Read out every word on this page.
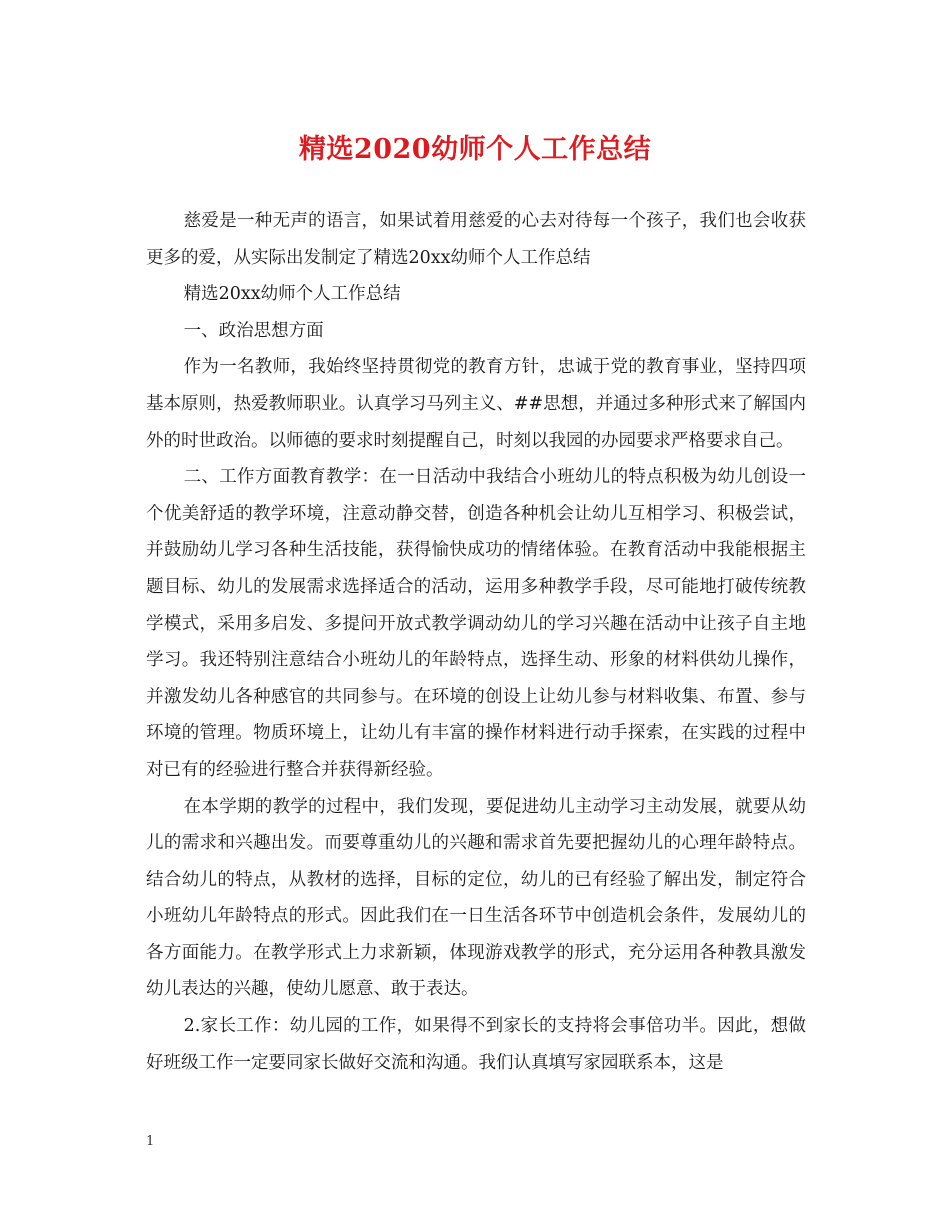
精选2020幼师个人工作总结

慈爱是一种无声的语言，如果试着用慈爱的心去对待每一个孩子，我们也会收获更多的爱，从实际出发制定了精选20xx幼师个人工作总结

精选20xx幼师个人工作总结

一、政治思想方面

作为一名教师，我始终坚持贯彻党的教育方针，忠诚于党的教育事业，坚持四项基本原则，热爱教师职业。认真学习马列主义、##思想，并通过多种形式来了解国内外的时世政治。以师德的要求时刻提醒自己，时刻以我园的办园要求严格要求自己。

二、工作方面教育教学：在一日活动中我结合小班幼儿的特点积极为幼儿创设一个优美舒适的教学环境，注意动静交替，创造各种机会让幼儿互相学习、积极尝试，并鼓励幼儿学习各种生活技能，获得愉快成功的情绪体验。在教育活动中我能根据主题目标、幼儿的发展需求选择适合的活动，运用多种教学手段，尽可能地打破传统教学模式，采用多启发、多提问开放式教学调动幼儿的学习兴趣在活动中让孩子自主地学习。我还特别注意结合小班幼儿的年龄特点，选择生动、形象的材料供幼儿操作，并激发幼儿各种感官的共同参与。在环境的创设上让幼儿参与材料收集、布置、参与环境的管理。物质环境上，让幼儿有丰富的操作材料进行动手探索，在实践的过程中对已有的经验进行整合并获得新经验。

在本学期的教学的过程中，我们发现，要促进幼儿主动学习主动发展，就要从幼儿的需求和兴趣出发。而要尊重幼儿的兴趣和需求首先要把握幼儿的心理年龄特点。结合幼儿的特点，从教材的选择，目标的定位，幼儿的已有经验了解出发，制定符合小班幼儿年龄特点的形式。因此我们在一日生活各环节中创造机会条件，发展幼儿的各方面能力。在教学形式上力求新颖，体现游戏教学的形式，充分运用各种教具激发幼儿表达的兴趣，使幼儿愿意、敢于表达。

2.家长工作：幼儿园的工作，如果得不到家长的支持将会事倍功半。因此，想做好班级工作一定要同家长做好交流和沟通。我们认真填写家园联系本，这是

1
